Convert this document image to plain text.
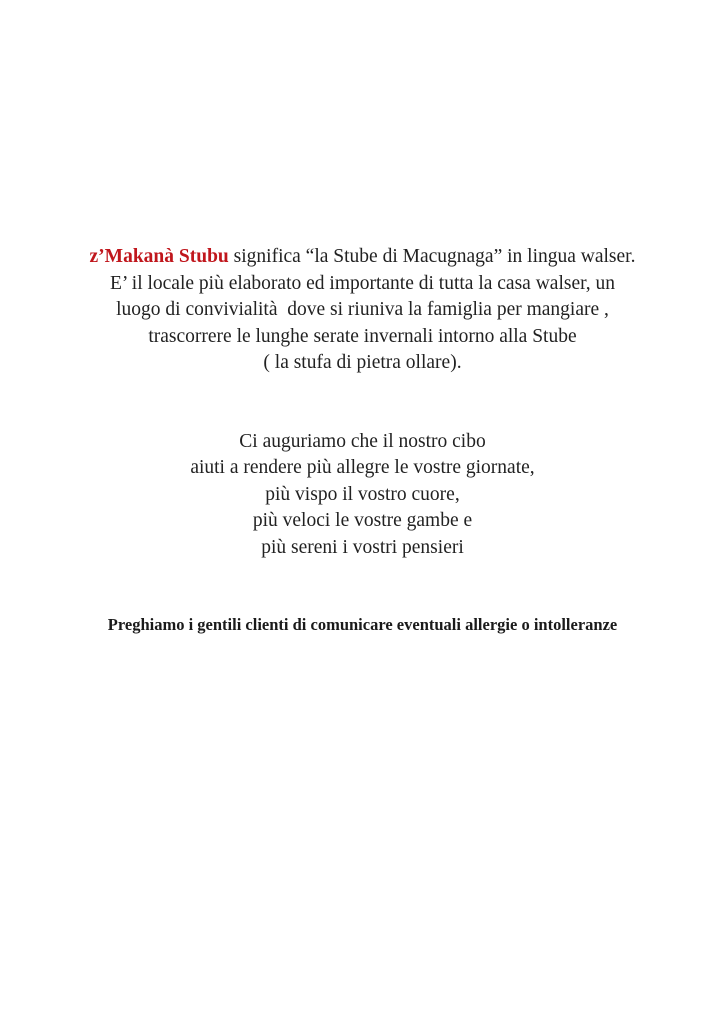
z’Makanà Stubu significa “la Stube di Macugnaga” in lingua walser.
E’ il locale più elaborato ed importante di tutta la casa walser, un
luogo di convivialità  dove si riuniva la famiglia per mangiare ,
trascorrere le lunghe serate invernali intorno alla Stube
( la stufa di pietra ollare).
Ci auguriamo che il nostro cibo
aiuti a rendere più allegre le vostre giornate,
più vispo il vostro cuore,
più veloci le vostre gambe e
più sereni i vostri pensieri
Preghiamo i gentili clienti di comunicare eventuali allergie o intolleranze
